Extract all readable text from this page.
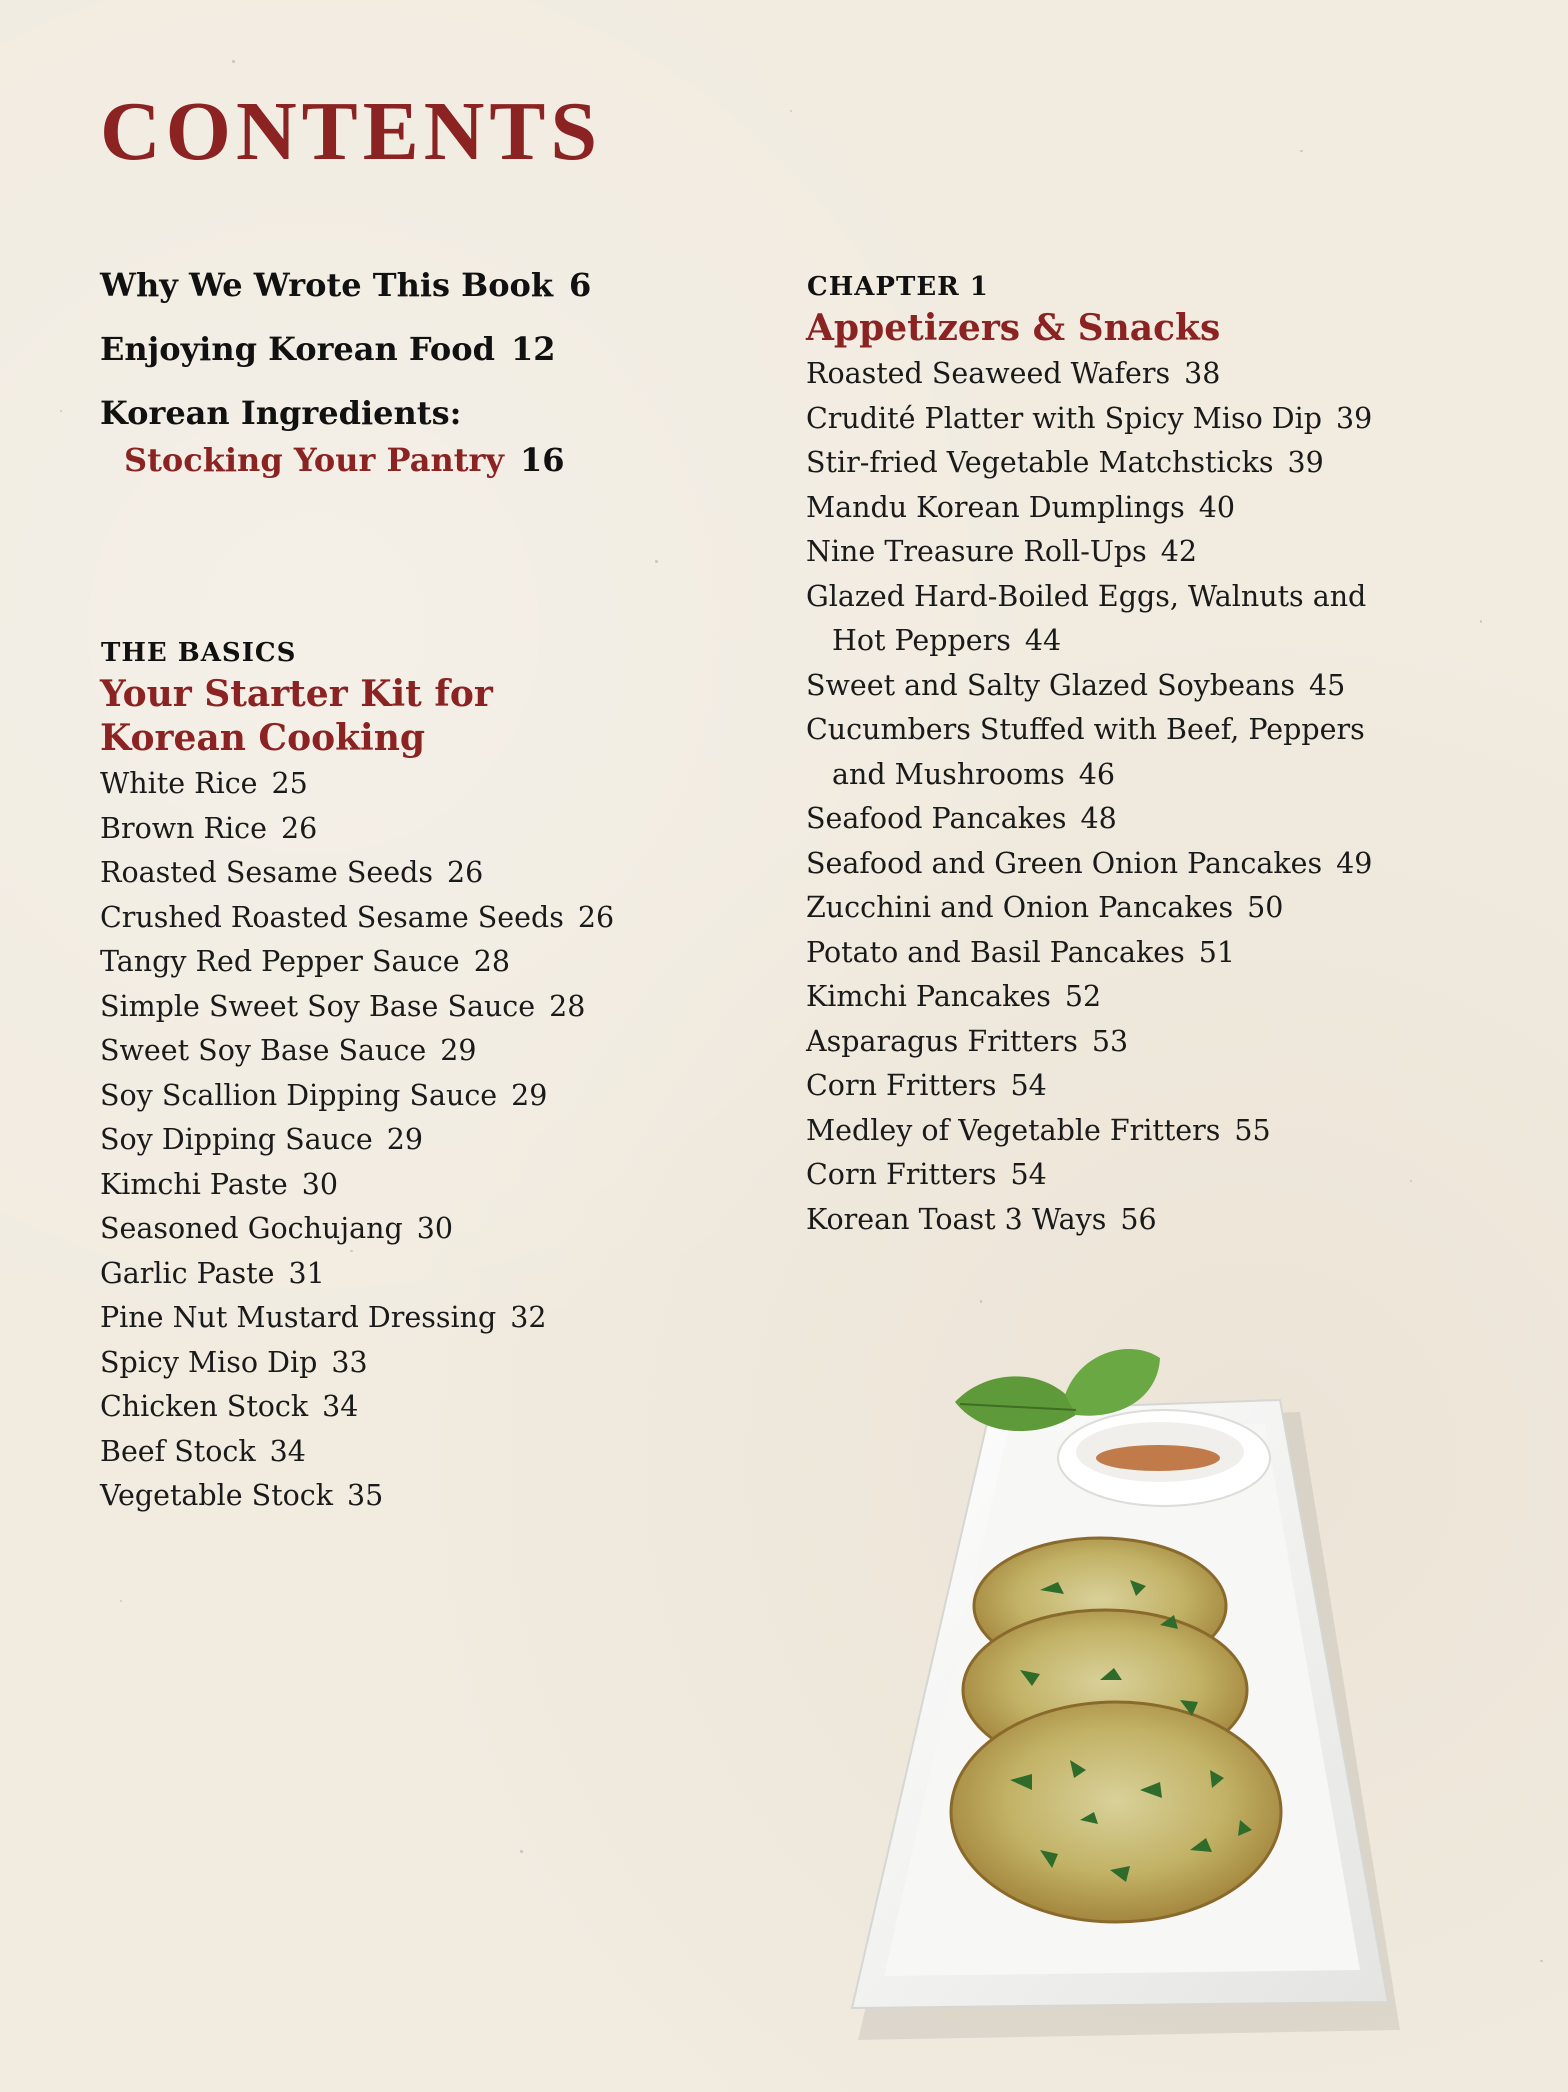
CONTENTS
Why We Wrote This Book 6
Enjoying Korean Food 12
Korean Ingredients:
Stocking Your Pantry 16
THE BASICS
Your Starter Kit for
Korean Cooking
White Rice 25
Brown Rice 26
Roasted Sesame Seeds 26
Crushed Roasted Sesame Seeds 26
Tangy Red Pepper Sauce 28
Simple Sweet Soy Base Sauce 28
Sweet Soy Base Sauce 29
Soy Scallion Dipping Sauce 29
Soy Dipping Sauce 29
Kimchi Paste 30
Seasoned Gochujang 30
Garlic Paste 31
Pine Nut Mustard Dressing 32
Spicy Miso Dip 33
Chicken Stock 34
Beef Stock 34
Vegetable Stock 35
CHAPTER 1
Appetizers & Snacks
Roasted Seaweed Wafers 38
Crudité Platter with Spicy Miso Dip 39
Stir-fried Vegetable Matchsticks 39
Mandu Korean Dumplings 40
Nine Treasure Roll-Ups 42
Glazed Hard-Boiled Eggs, Walnuts and
Hot Peppers 44
Sweet and Salty Glazed Soybeans 45
Cucumbers Stuffed with Beef, Peppers
and Mushrooms 46
Seafood Pancakes 48
Seafood and Green Onion Pancakes 49
Zucchini and Onion Pancakes 50
Potato and Basil Pancakes 51
Kimchi Pancakes 52
Asparagus Fritters 53
Corn Fritters 54
Medley of Vegetable Fritters 55
Corn Fritters 54
Korean Toast 3 Ways 56
